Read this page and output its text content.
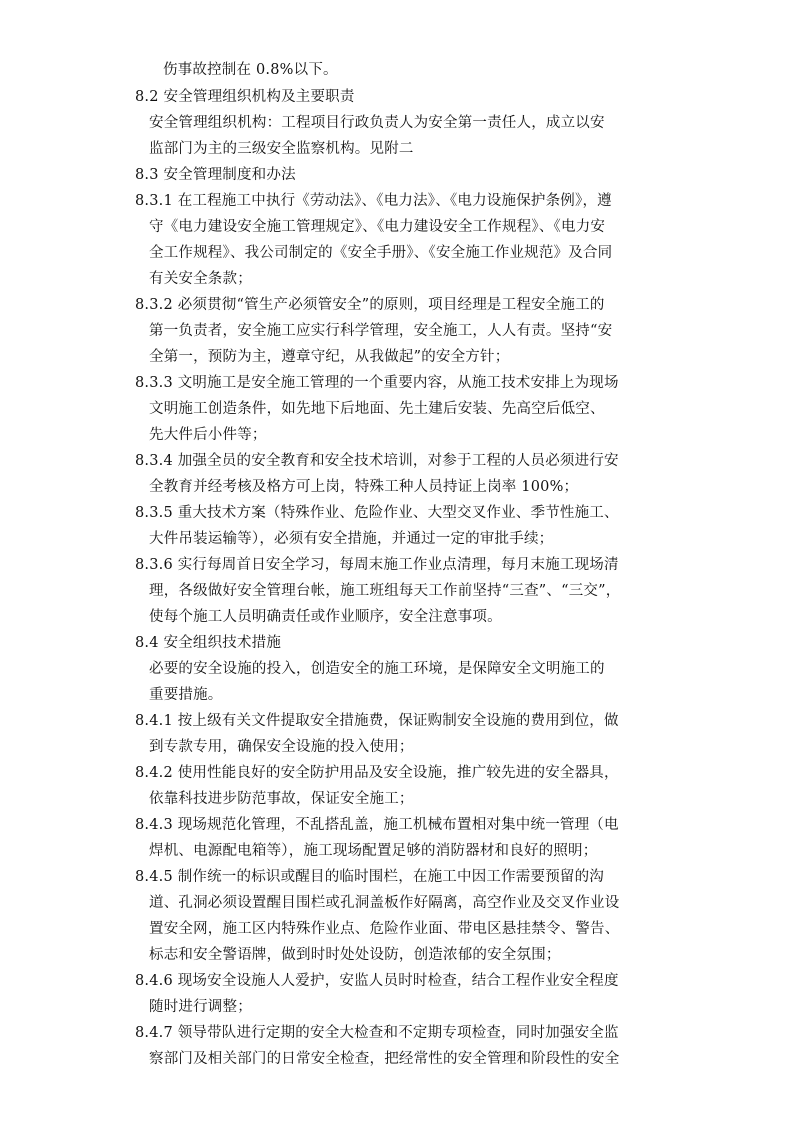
伤事故控制在 0.8%以下。
8.2 安全管理组织机构及主要职责
安全管理组织机构：工程项目行政负责人为安全第一责任人，成立以安
监部门为主的三级安全监察机构。见附二
8.3 安全管理制度和办法
8.3.1 在工程施工中执行《劳动法》、《电力法》、《电力设施保护条例》，遵
守《电力建设安全施工管理规定》、《电力建设安全工作规程》、《电力安
全工作规程》、我公司制定的《安全手册》、《安全施工作业规范》及合同
有关安全条款；
8.3.2 必须贯彻“管生产必须管安全”的原则，项目经理是工程安全施工的
第一负责者，安全施工应实行科学管理，安全施工，人人有责。坚持“安
全第一，预防为主，遵章守纪，从我做起”的安全方针；
8.3.3 文明施工是安全施工管理的一个重要内容，从施工技术安排上为现场
文明施工创造条件，如先地下后地面、先土建后安装、先高空后低空、
先大件后小件等；
8.3.4 加强全员的安全教育和安全技术培训，对参于工程的人员必须进行安
全教育并经考核及格方可上岗，特殊工种人员持证上岗率 100%；
8.3.5 重大技术方案（特殊作业、危险作业、大型交叉作业、季节性施工、
大件吊装运输等），必须有安全措施，并通过一定的审批手续；
8.3.6 实行每周首日安全学习，每周末施工作业点清理，每月末施工现场清
理，各级做好安全管理台帐，施工班组每天工作前坚持“三查”、“三交”，
使每个施工人员明确责任或作业顺序，安全注意事项。
8.4 安全组织技术措施
必要的安全设施的投入，创造安全的施工环境，是保障安全文明施工的
重要措施。
8.4.1 按上级有关文件提取安全措施费，保证购制安全设施的费用到位，做
到专款专用，确保安全设施的投入使用；
8.4.2 使用性能良好的安全防护用品及安全设施，推广较先进的安全器具，
依靠科技进步防范事故，保证安全施工；
8.4.3 现场规范化管理，不乱搭乱盖，施工机械布置相对集中统一管理（电
焊机、电源配电箱等），施工现场配置足够的消防器材和良好的照明；
8.4.5 制作统一的标识或醒目的临时围栏，在施工中因工作需要预留的沟
道、孔洞必须设置醒目围栏或孔洞盖板作好隔离，高空作业及交叉作业设
置安全网，施工区内特殊作业点、危险作业面、带电区悬挂禁令、警告、
标志和安全警语牌，做到时时处处设防，创造浓郁的安全氛围；
8.4.6 现场安全设施人人爱护，安监人员时时检查，结合工程作业安全程度
随时进行调整；
8.4.7 领导带队进行定期的安全大检查和不定期专项检查，同时加强安全监
察部门及相关部门的日常安全检查，把经常性的安全管理和阶段性的安全
